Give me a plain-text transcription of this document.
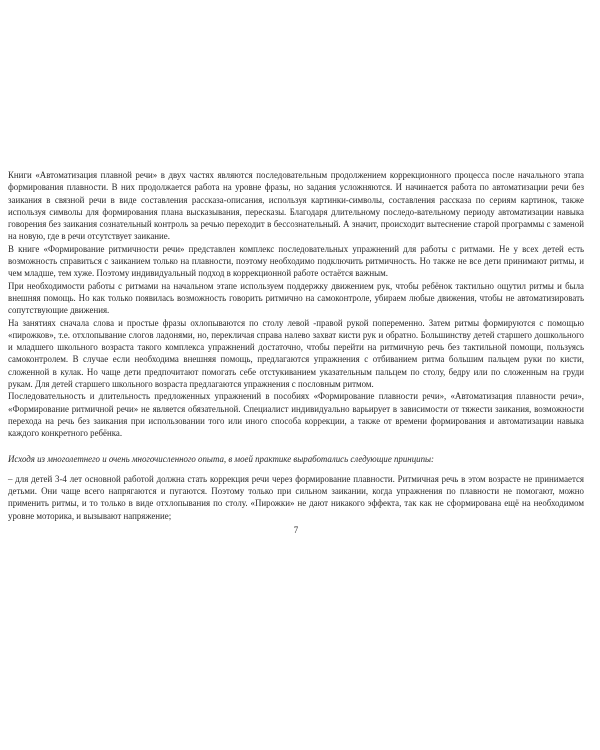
Книги «Автоматизация плавной речи» в двух частях являются последовательным продолжением коррекционного процесса после начального этапа формирования плавности. В них продолжается работа на уровне фразы, но задания усложняются. И начинается работа по автоматизации речи без заикания в связной речи в виде составления рассказа-описания, используя картинки-символы, составления рассказа по сериям картинок, также используя символы для формирования плана высказывания, пересказы. Благодаря длительному последо-вательному периоду автоматизации навыка говорения без заикания сознательный контроль за речью переходит в бессознательный. А значит, происходит вытеснение старой программы с заменой на новую, где в речи отсутствует заикание.

В книге «Формирование ритмичности речи» представлен комплекс последовательных упражнений для работы с ритмами. Не у всех детей есть возможность справиться с заиканием только на плавности, поэтому необходимо подключить ритмичность. Но также не все дети принимают ритмы, и чем младше, тем хуже. Поэтому индивидуальный подход в коррекционной работе остаётся важным.

При необходимости работы с ритмами на начальном этапе используем поддержку движением рук, чтобы ребёнок тактильно ощутил ритмы и была внешняя помощь. Но как только появилась возможность говорить ритмично на самоконтроле, убираем любые движения, чтобы не автоматизировать сопутствующие движения.

На занятиях сначала слова и простые фразы охлопываются по столу левой -правой рукой попеременно. Затем ритмы формируются с помощью «пирожков», т.е. отхлопывание слогов ладонями, но, перекличая справа налево захват кисти рук и обратно. Большинству детей старшего дошкольного и младшего школьного возраста такого комплекса упражнений достаточно, чтобы перейти на ритмичную речь без тактильной помощи, пользуясь самоконтролем. В случае если необходима внешняя помощь, предлагаются упражнения с отбиванием ритма большим пальцем руки по кисти, сложенной в кулак. Но чаще дети предпочитают помогать себе отстукиванием указательным пальцем по столу, бедру или по сложенным на груди рукам. Для детей старшего школьного возраста предлагаются упражнения с пословным ритмом.

Последовательность и длительность предложенных упражнений в пособиях «Формирование плавности речи», «Автоматизация плавности речи», «Формирование ритмичной речи» не является обязательной. Специалист индивидуально варьирует в зависимости от тяжести заикания, возможности перехода на речь без заикания при использовании того или иного способа коррекции, а также от времени формирования и автоматизации навыка каждого конкретного ребёнка.

Исходя из многолетнего и очень многочисленного опыта, в моей практике выработались следующие принципы:

– для детей 3-4 лет основной работой должна стать коррекция речи через формирование плавности. Ритмичная речь в этом возрасте не принимается детьми. Они чаще всего напрягаются и пугаются. Поэтому только при сильном заикании, когда упражнения по плавности не помогают, можно применить ритмы, и то только в виде отхлопывания по столу. «Пирожки» не дают никакого эффекта, так как не сформирована ещё на необходимом уровне моторика, и вызывают напряжение;

7
